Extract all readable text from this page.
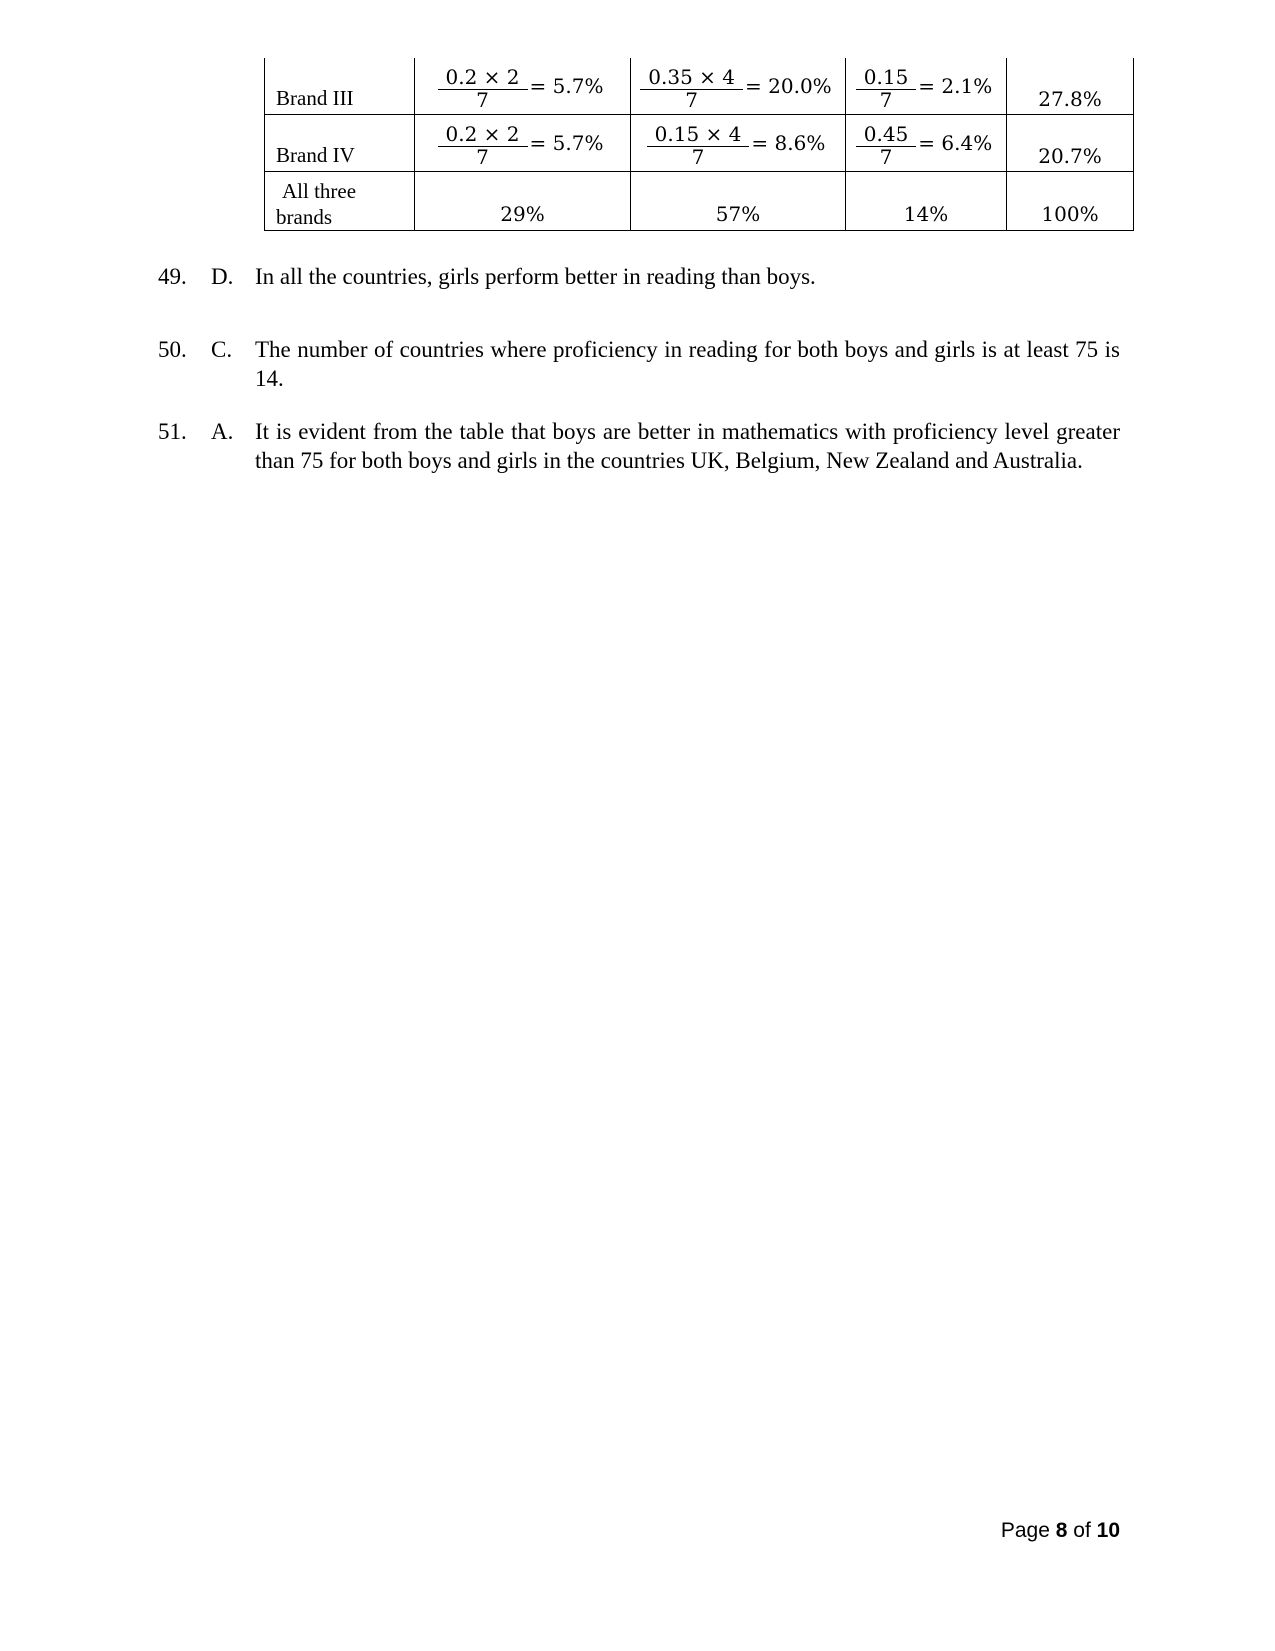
Brand III	$\frac{0.2 \times 2}{7} = 5.7\%$	$\frac{0.35 \times 4}{7} = 20.0\%$	$\frac{0.15}{7} = 2.1\%$	27.8%

Brand IV	$\frac{0.2 \times 2}{7} = 5.7\%$	$\frac{0.15 \times 4}{7} = 8.6\%$	$\frac{0.45}{7} = 6.4\%$	20.7%

All three
brands	29%	57%	14%	100%
49. D. In all the countries, girls perform better in reading than boys.
50. C. The number of countries where proficiency in reading for both boys and girls is at least 75 is 14.
51. A. It is evident from the table that boys are better in mathematics with proficiency level greater than 75 for both boys and girls in the countries UK, Belgium, New Zealand and Australia.
Page 8 of 10
